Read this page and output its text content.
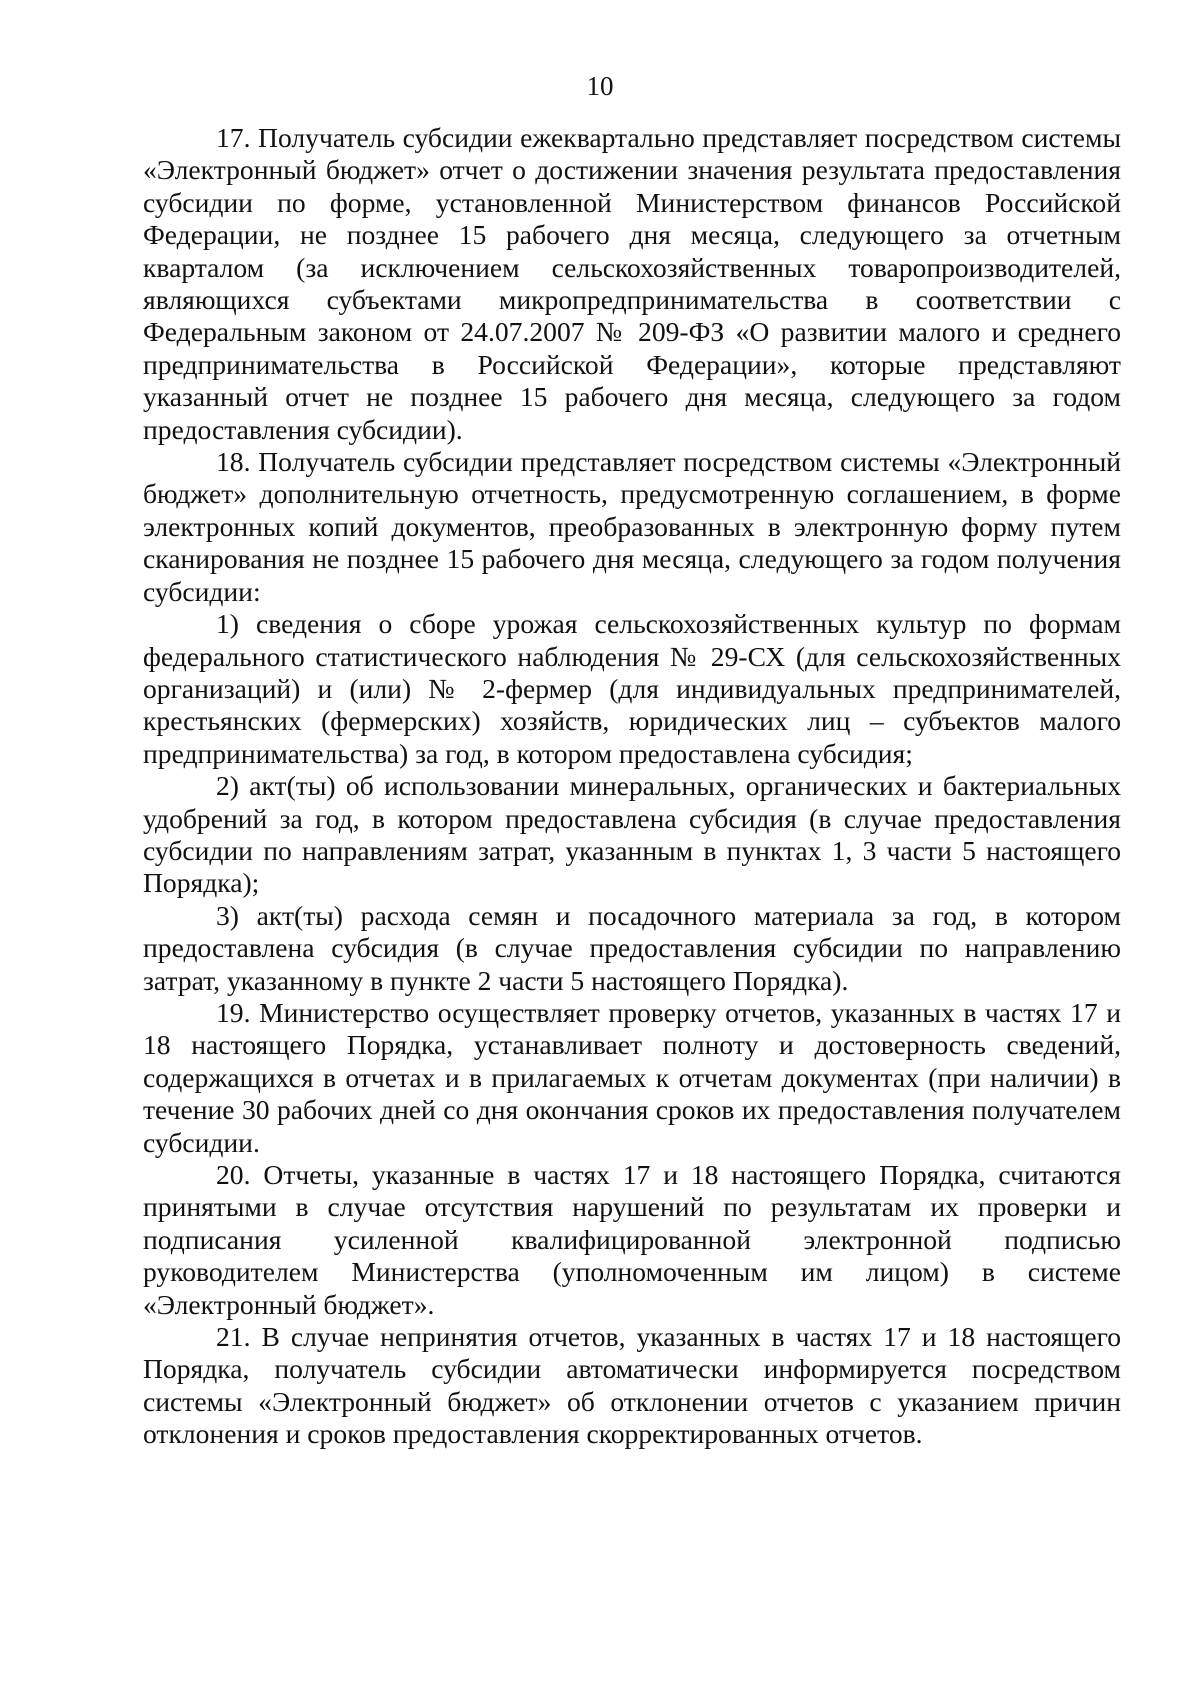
10

17. Получатель субсидии ежеквартально представляет посредством системы «Электронный бюджет» отчет о достижении значения результата предоставления субсидии по форме, установленной Министерством финансов Российской Федерации, не позднее 15 рабочего дня месяца, следующего за отчетным кварталом (за исключением сельскохозяйственных товаропроизводителей, являющихся субъектами микропредпринимательства в соответствии с Федеральным законом от 24.07.2007 № 209-ФЗ «О развитии малого и среднего предпринимательства в Российской Федерации», которые представляют указанный отчет не позднее 15 рабочего дня месяца, следующего за годом предоставления субсидии).

18. Получатель субсидии представляет посредством системы «Электронный бюджет» дополнительную отчетность, предусмотренную соглашением, в форме электронных копий документов, преобразованных в электронную форму путем сканирования не позднее 15 рабочего дня месяца, следующего за годом получения субсидии:

1) сведения о сборе урожая сельскохозяйственных культур по формам федерального статистического наблюдения № 29-СХ (для сельскохозяйственных организаций) и (или) № 2-фермер (для индивидуальных предпринимателей, крестьянских (фермерских) хозяйств, юридических лиц – субъектов малого предпринимательства) за год, в котором предоставлена субсидия;

2) акт(ты) об использовании минеральных, органических и бактериальных удобрений за год, в котором предоставлена субсидия (в случае предоставления субсидии по направлениям затрат, указанным в пунктах 1, 3 части 5 настоящего Порядка);

3) акт(ты) расхода семян и посадочного материала за год, в котором предоставлена субсидия (в случае предоставления субсидии по направлению затрат, указанному в пункте 2 части 5 настоящего Порядка).

19. Министерство осуществляет проверку отчетов, указанных в частях 17 и 18 настоящего Порядка, устанавливает полноту и достоверность сведений, содержащихся в отчетах и в прилагаемых к отчетам документах (при наличии) в течение 30 рабочих дней со дня окончания сроков их предоставления получателем субсидии.

20. Отчеты, указанные в частях 17 и 18 настоящего Порядка, считаются принятыми в случае отсутствия нарушений по результатам их проверки и подписания усиленной квалифицированной электронной подписью руководителем Министерства (уполномоченным им лицом) в системе «Электронный бюджет».

21. В случае непринятия отчетов, указанных в частях 17 и 18 настоящего Порядка, получатель субсидии автоматически информируется посредством системы «Электронный бюджет» об отклонении отчетов с указанием причин отклонения и сроков предоставления скорректированных отчетов.
